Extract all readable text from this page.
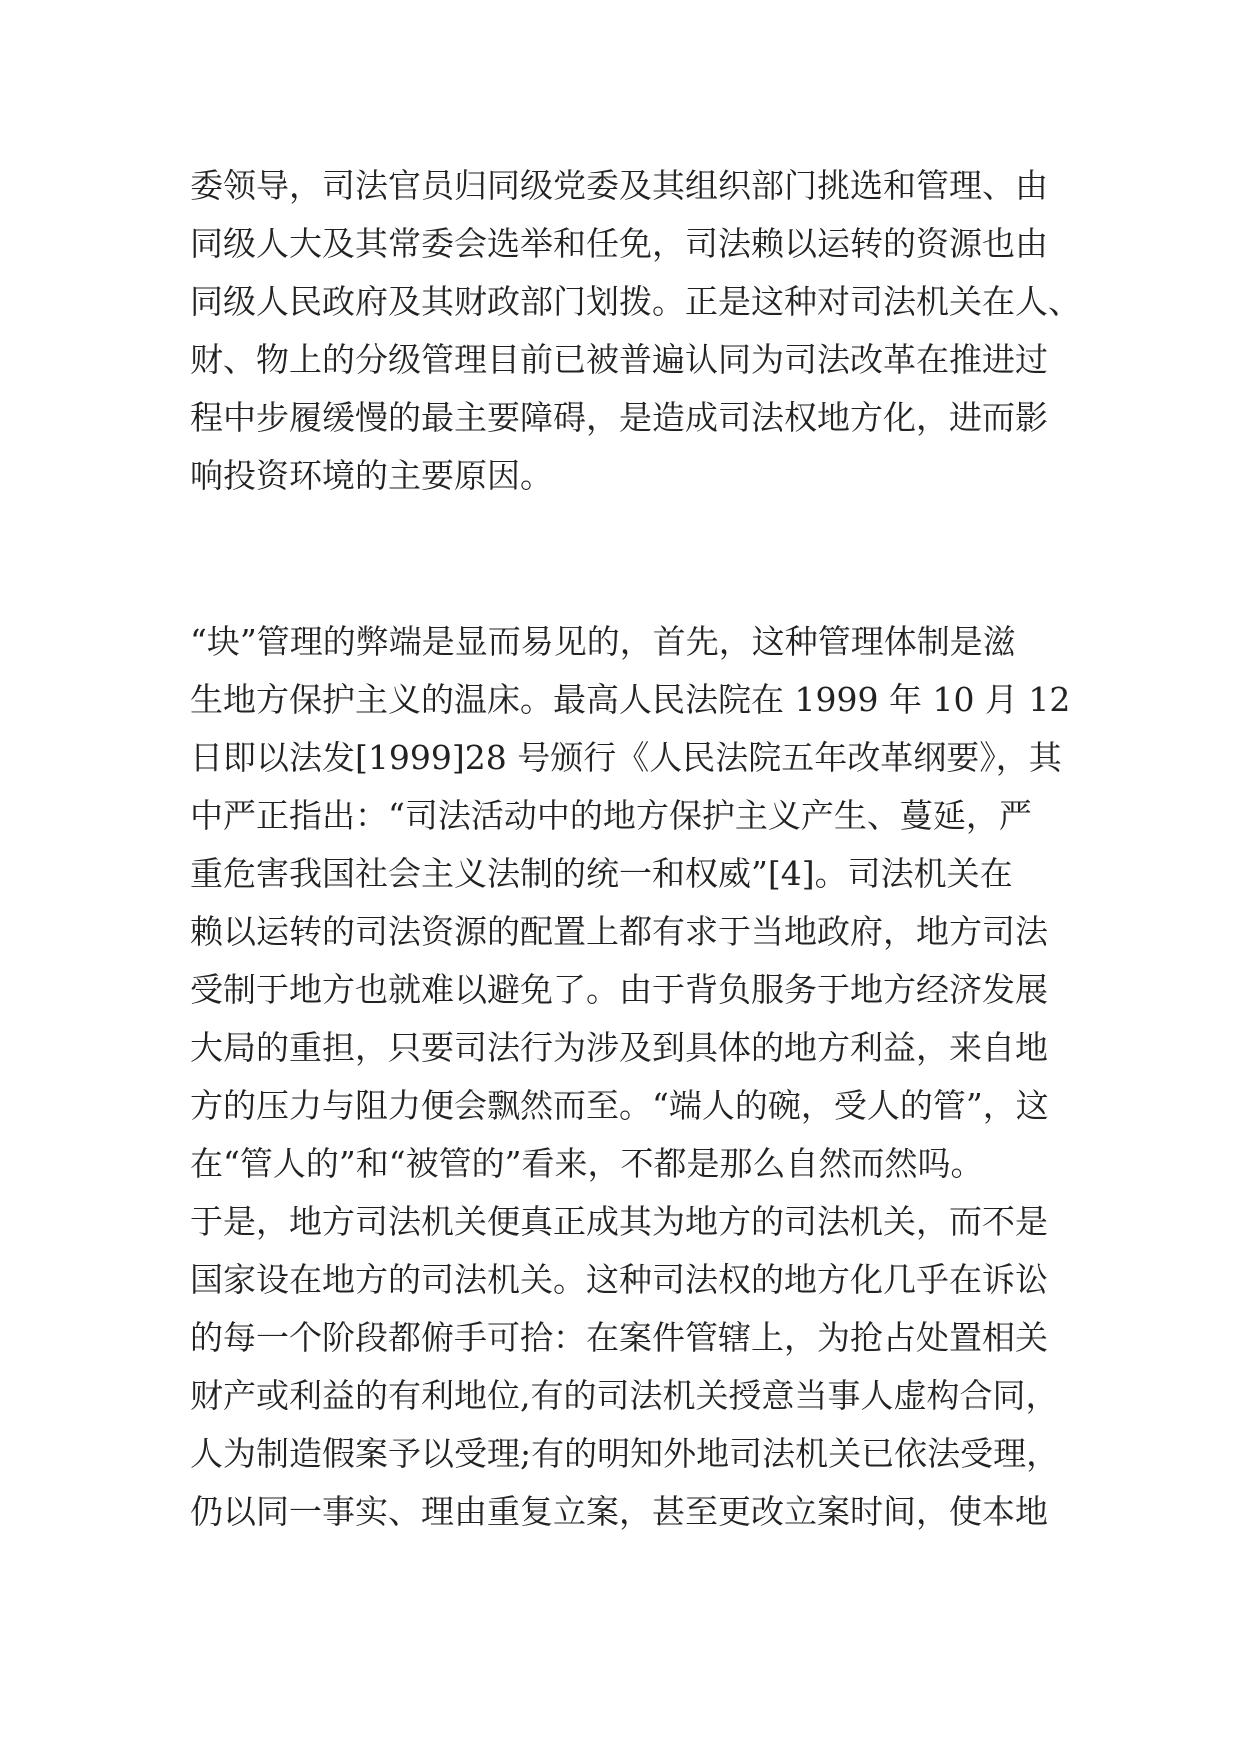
委领导，司法官员归同级党委及其组织部门挑选和管理、由
同级人大及其常委会选举和任免，司法赖以运转的资源也由
同级人民政府及其财政部门划拨。正是这种对司法机关在人、
财、物上的分级管理目前已被普遍认同为司法改革在推进过
程中步履缓慢的最主要障碍，是造成司法权地方化，进而影
响投资环境的主要原因。
“块”管理的弊端是显而易见的，首先，这种管理体制是滋
生地方保护主义的温床。最高人民法院在 1999 年 10 月 12
日即以法发[1999]28 号颁行《人民法院五年改革纲要》，其
中严正指出：“司法活动中的地方保护主义产生、蔓延，严
重危害我国社会主义法制的统一和权威”[4]。司法机关在
赖以运转的司法资源的配置上都有求于当地政府，地方司法
受制于地方也就难以避免了。由于背负服务于地方经济发展
大局的重担，只要司法行为涉及到具体的地方利益，来自地
方的压力与阻力便会飘然而至。“端人的碗，受人的管”，这
在“管人的”和“被管的”看来，不都是那么自然而然吗。
于是，地方司法机关便真正成其为地方的司法机关，而不是
国家设在地方的司法机关。这种司法权的地方化几乎在诉讼
的每一个阶段都俯手可拾：在案件管辖上，为抢占处置相关
财产或利益的有利地位,有的司法机关授意当事人虚构合同，
人为制造假案予以受理;有的明知外地司法机关已依法受理，
仍以同一事实、理由重复立案，甚至更改立案时间，使本地
